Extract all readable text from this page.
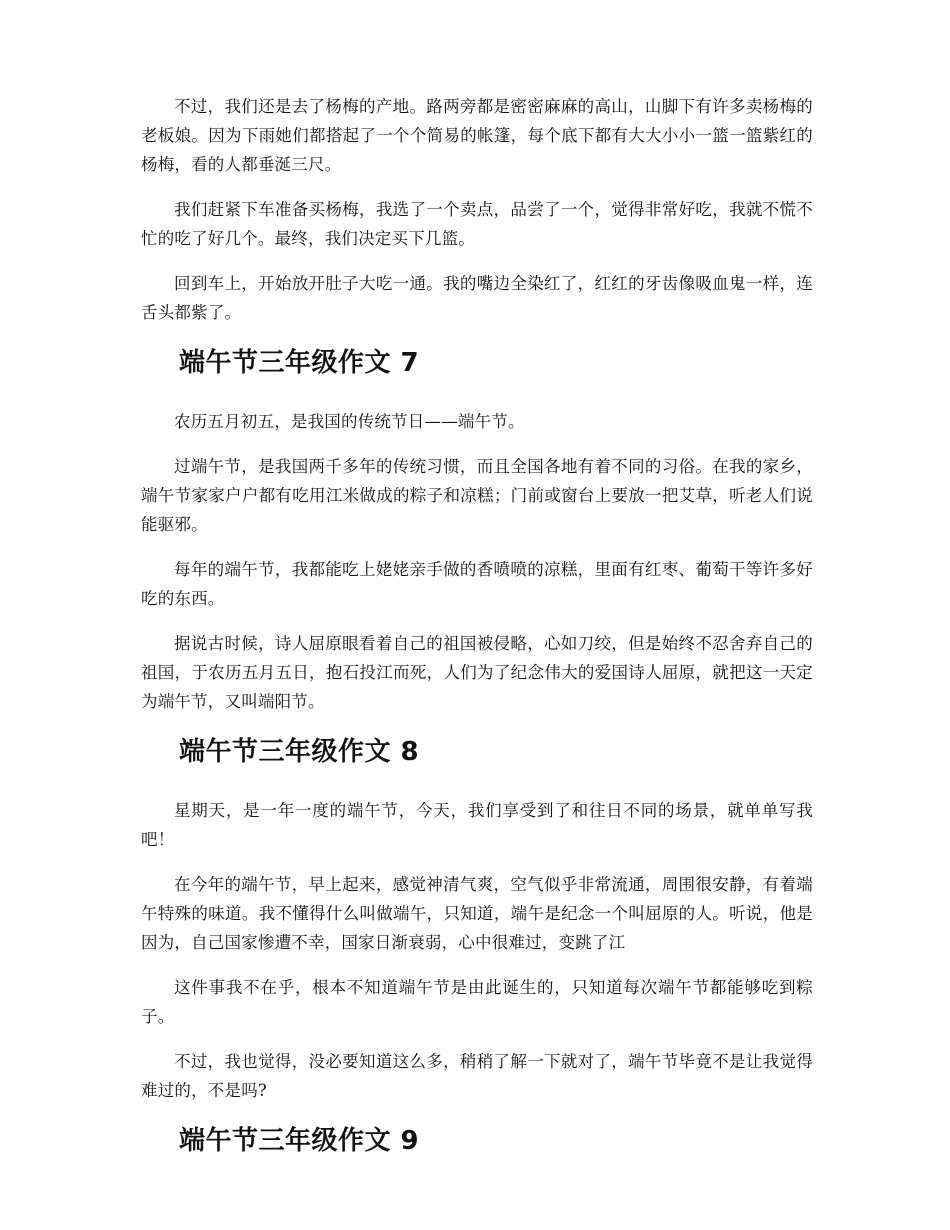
不过，我们还是去了杨梅的产地。路两旁都是密密麻麻的高山，山脚下有许多卖杨梅的老板娘。因为下雨她们都搭起了一个个简易的帐篷，每个底下都有大大小小一篮一篮紫红的杨梅，看的人都垂涎三尺。

我们赶紧下车准备买杨梅，我选了一个卖点，品尝了一个，觉得非常好吃，我就不慌不忙的吃了好几个。最终，我们决定买下几篮。

回到车上，开始放开肚子大吃一通。我的嘴边全染红了，红红的牙齿像吸血鬼一样，连舌头都紫了。

端午节三年级作文 7

农历五月初五，是我国的传统节日——端午节。

过端午节，是我国两千多年的传统习惯，而且全国各地有着不同的习俗。在我的家乡，端午节家家户户都有吃用江米做成的粽子和凉糕；门前或窗台上要放一把艾草，听老人们说能驱邪。

每年的端午节，我都能吃上姥姥亲手做的香喷喷的凉糕，里面有红枣、葡萄干等许多好吃的东西。

据说古时候，诗人屈原眼看着自己的祖国被侵略，心如刀绞，但是始终不忍舍弃自己的祖国，于农历五月五日，抱石投江而死，人们为了纪念伟大的爱国诗人屈原，就把这一天定为端午节，又叫端阳节。

端午节三年级作文 8

星期天，是一年一度的端午节，今天，我们享受到了和往日不同的场景，就单单写我吧！

在今年的端午节，早上起来，感觉神清气爽，空气似乎非常流通，周围很安静，有着端午特殊的味道。我不懂得什么叫做端午，只知道，端午是纪念一个叫屈原的人。听说，他是因为，自己国家惨遭不幸，国家日渐衰弱，心中很难过，变跳了江

这件事我不在乎，根本不知道端午节是由此诞生的，只知道每次端午节都能够吃到粽子。

不过，我也觉得，没必要知道这么多，稍稍了解一下就对了，端午节毕竟不是让我觉得难过的，不是吗?

端午节三年级作文 9
